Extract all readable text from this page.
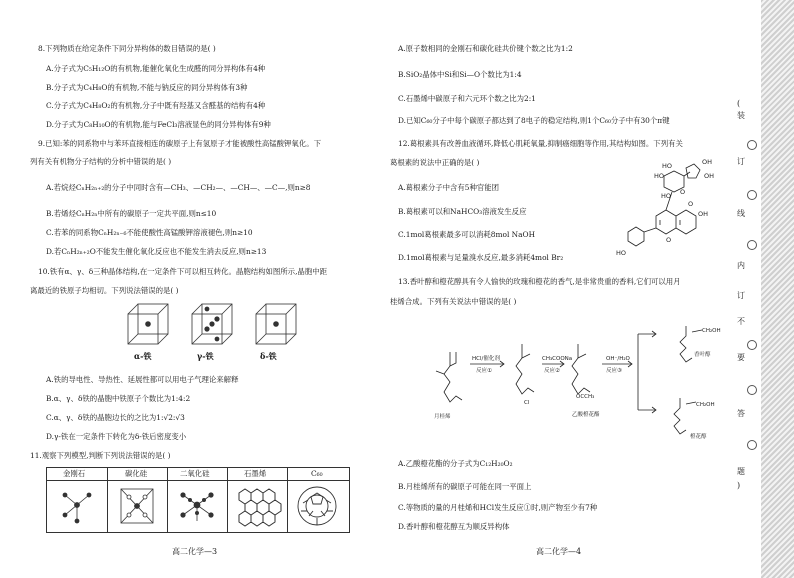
8.下列物质在给定条件下同分异构体的数目错误的是( )
A.分子式为C₅H₁₂O的有机物,能催化氧化生成醛的同分异构体有4种
B.分子式为C₄H₈O的有机物,不能与钠反应的同分异构体有3种
C.分子式为C₄H₈O₂的有机物,分子中既有羟基又含醛基的结构有4种
D.分子式为C₈H₁₀O的有机物,能与FeCl₃溶液显色的同分异构体有9种
9.已知:苯的同系物中与苯环直接相连的碳原子上有氢原子才能被酸性高锰酸钾氧化。下
列有关有机物分子结构的分析中错误的是( )
A.若烷烃CₙH₂ₙ₊₂的分子中同时含有—CH₃、—CH₂—、—CH—、—C—,则n≥8
B.若烯烃CₙH₂ₙ中所有的碳原子一定共平面,则n≤10
C.若苯的同系物CₙH₂ₙ₋₆不能使酸性高锰酸钾溶液褪色,则n≥10
D.若CₙH₂ₙ₊₂O不能发生催化氧化反应也不能发生消去反应,则n≥13
10.铁有α、γ、δ三种晶体结构,在一定条件下可以相互转化。晶胞结构如图所示,晶胞中距
离最近的铁原子均相切。下列说法错误的是( )
α-铁	γ-铁	δ-铁
A.铁的导电性、导热性、延展性都可以用电子气理论来解释
B.α、γ、δ铁的晶胞中铁原子个数比为1:4:2
C.α、γ、δ铁的晶胞边长的之比为1:√2:√3
D.γ-铁在一定条件下转化为δ-铁后密度变小
11.观察下列模型,判断下列说法错误的是( )
金刚石	碳化硅	二氧化硅	石墨烯	C₆₀
高二化学—3
A.原子数相同的金刚石和碳化硅共价键个数之比为1:2
B.SiO₂晶体中Si和Si—O个数比为1:4
C.石墨烯中碳原子和六元环个数之比为2:1
D.已知C₆₀分子中每个碳原子都达到了8电子的稳定结构,则1个C₆₀分子中有30个π键
12.葛根素具有改善血液循环,降低心肌耗氧量,抑制癌细胞等作用,其结构如图。下列有关
葛根素的说法中正确的是( )
A.葛根素分子中含有5种官能团
B.葛根素可以和NaHCO₃溶液发生反应
C.1mol葛根素最多可以消耗8mol NaOH
D.1mol葛根素与足量溴水反应,最多消耗4mol Br₂
HO
HO
HO
OH
OH
O
O
O
HO
OH
13.香叶醇和橙花醇具有令人愉快的玫瑰和橙花的香气,是非常贵重的香料,它们可以用月
桂烯合成。下列有关说法中错误的是( )
HCl/催化剂
反应①
CH₃COONa
反应②
OH⁻/H₂O
反应③
月桂烯
Cl
OCCH₃
乙酸橙花酯
CH₂OH
香叶醇
CH₂OH
橙花醇
A.乙酸橙花酯的分子式为C₁₂H₂₀O₂
B.月桂烯所有的碳原子可能在同一平面上
C.等物质的量的月桂烯和HCl发生反应①时,则产物至少有7种
D.香叶醇和橙花醇互为顺反异构体
高二化学—4
(
装
订
线
内
订
不
要
答
题
)
